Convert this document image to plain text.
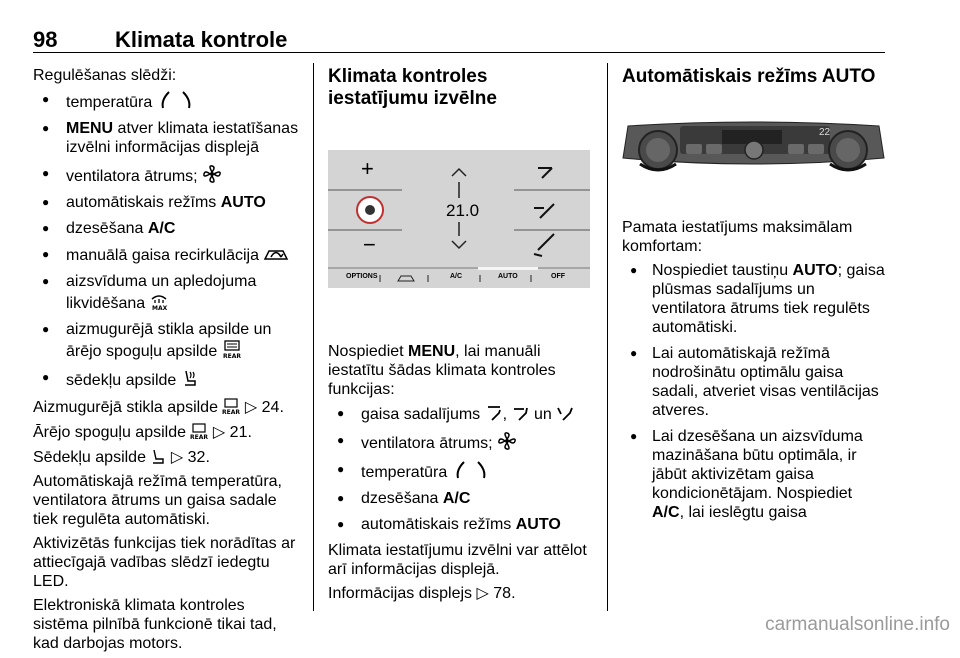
98	Klimata kontrole

Regulēšanas slēdži:

● temperatūra
● MENU atver klimata iestatīšanas izvēlni informācijas displejā
● ventilatora ātrums;
● automātiskais režīms AUTO
● dzesēšana A/C
● manuālā gaisa recirkulācija
● aizsvīduma un apledojuma likvidēšana MAX
● aizmugurējā stikla apsilde un ārējo spoguļu apsilde REAR
● sēdekļu apsilde

Aizmugurējā stikla apsilde REAR ▷ 24.

Ārējo spoguļu apsilde REAR ▷ 21.

Sēdekļu apsilde ▷ 32.

Automātiskajā režīmā temperatūra, ventilatora ātrums un gaisa sadale tiek regulēta automātiski.

Aktivizētās funkcijas tiek norādītas ar attiecīgajā vadības slēdzī iedegtu LED.

Elektroniskā klimata kontroles sistēma pilnībā funkcionē tikai tad, kad darbojas motors.

Klimata kontroles iestatījumu izvēlne
+
−
21.0
OPTIONS	A/C	AUTO	OFF

Nospiediet MENU, lai manuāli iestatītu šādas klimata kontroles funkcijas:

● gaisa sadalījums , un
● ventilatora ātrums;
● temperatūra
● dzesēšana A/C
● automātiskais režīms AUTO

Klimata iestatījumu izvēlni var attēlot arī informācijas displejā.

Informācijas displejs ▷ 78.

Automātiskais režīms AUTO
22

Pamata iestatījums maksimālam komfortam:

● Nospiediet taustiņu AUTO; gaisa plūsmas sadalījums un ventilatora ātrums tiek regulēts automātiski.
● Lai automātiskajā režīmā nodrošinātu optimālu gaisa sadali, atveriet visas ventilācijas atveres.
● Lai dzesēšana un aizsvīduma mazināšana būtu optimāla, ir jābūt aktivizētam gaisa kondicionētājam. Nospiediet A/C, lai ieslēgtu gaisa
carmanualsonline.info
